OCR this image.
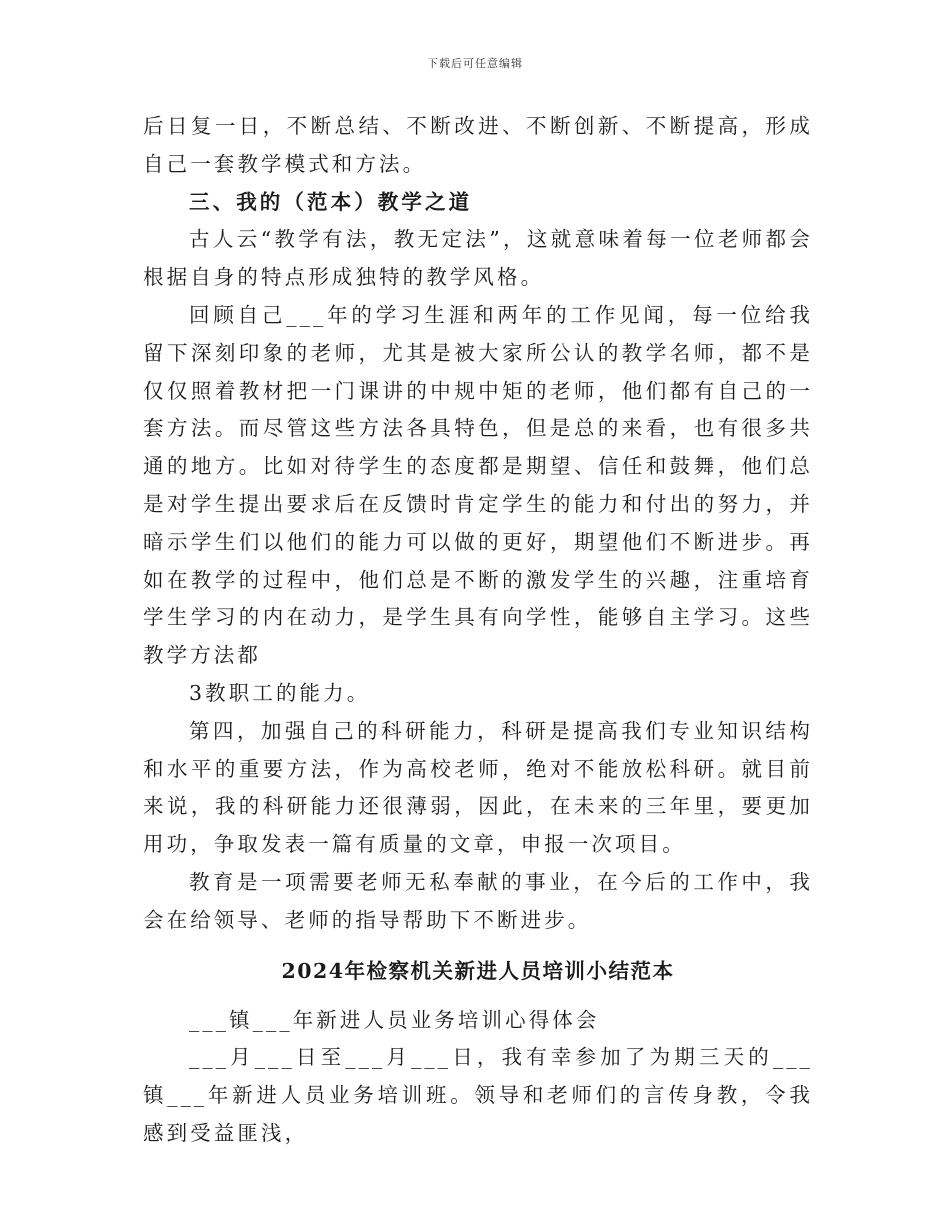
下载后可任意编辑

后日复一日，不断总结、不断改进、不断创新、不断提高，形成自己一套教学模式和方法。

三、我的（范本）教学之道

古人云“教学有法，教无定法”，这就意味着每一位老师都会根据自身的特点形成独特的教学风格。

回顾自己___年的学习生涯和两年的工作见闻，每一位给我留下深刻印象的老师，尤其是被大家所公认的教学名师，都不是仅仅照着教材把一门课讲的中规中矩的老师，他们都有自己的一套方法。而尽管这些方法各具特色，但是总的来看，也有很多共通的地方。比如对待学生的态度都是期望、信任和鼓舞，他们总是对学生提出要求后在反馈时肯定学生的能力和付出的努力，并暗示学生们以他们的能力可以做的更好，期望他们不断进步。再如在教学的过程中，他们总是不断的激发学生的兴趣，注重培育学生学习的内在动力，是学生具有向学性，能够自主学习。这些教学方法都

3教职工的能力。

第四，加强自己的科研能力，科研是提高我们专业知识结构和水平的重要方法，作为高校老师，绝对不能放松科研。就目前来说，我的科研能力还很薄弱，因此，在未来的三年里，要更加用功，争取发表一篇有质量的文章，申报一次项目。

教育是一项需要老师无私奉献的事业，在今后的工作中，我会在给领导、老师的指导帮助下不断进步。

2024年检察机关新进人员培训小结范本

___镇___年新进人员业务培训心得体会

___月___日至___月___日，我有幸参加了为期三天的___镇___年新进人员业务培训班。领导和老师们的言传身教，令我感到受益匪浅，
